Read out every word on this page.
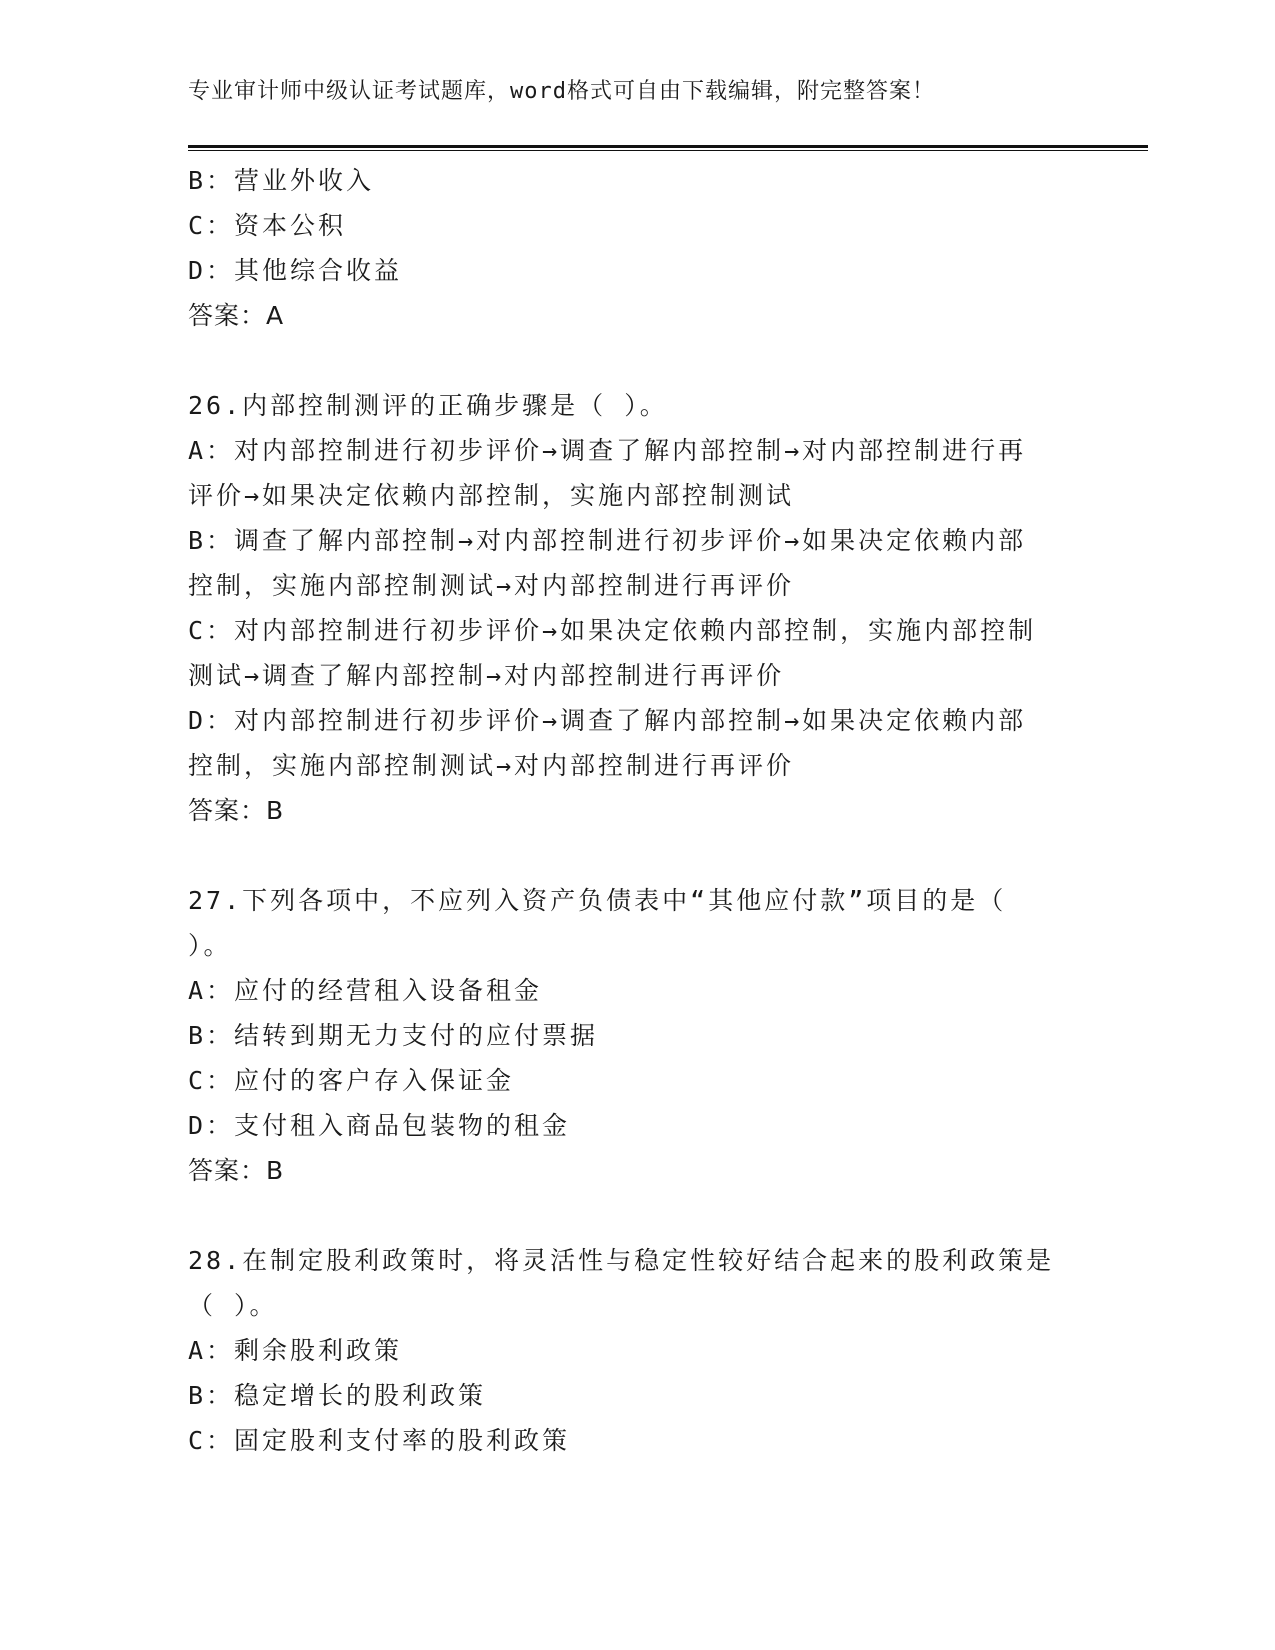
专业审计师中级认证考试题库，word格式可自由下载编辑，附完整答案！
B：营业外收入
C：资本公积
D：其他综合收益
答案：A
26.内部控制测评的正确步骤是（ ）。
A：对内部控制进行初步评价→调查了解内部控制→对内部控制进行再
评价→如果决定依赖内部控制，实施内部控制测试
B：调查了解内部控制→对内部控制进行初步评价→如果决定依赖内部
控制，实施内部控制测试→对内部控制进行再评价
C：对内部控制进行初步评价→如果决定依赖内部控制，实施内部控制
测试→调查了解内部控制→对内部控制进行再评价
D：对内部控制进行初步评价→调查了解内部控制→如果决定依赖内部
控制，实施内部控制测试→对内部控制进行再评价
答案：B
27.下列各项中，不应列入资产负债表中“其他应付款”项目的是（
）。
A：应付的经营租入设备租金
B：结转到期无力支付的应付票据
C：应付的客户存入保证金
D：支付租入商品包装物的租金
答案：B
28.在制定股利政策时，将灵活性与稳定性较好结合起来的股利政策是
（ ）。
A：剩余股利政策
B：稳定增长的股利政策
C：固定股利支付率的股利政策
